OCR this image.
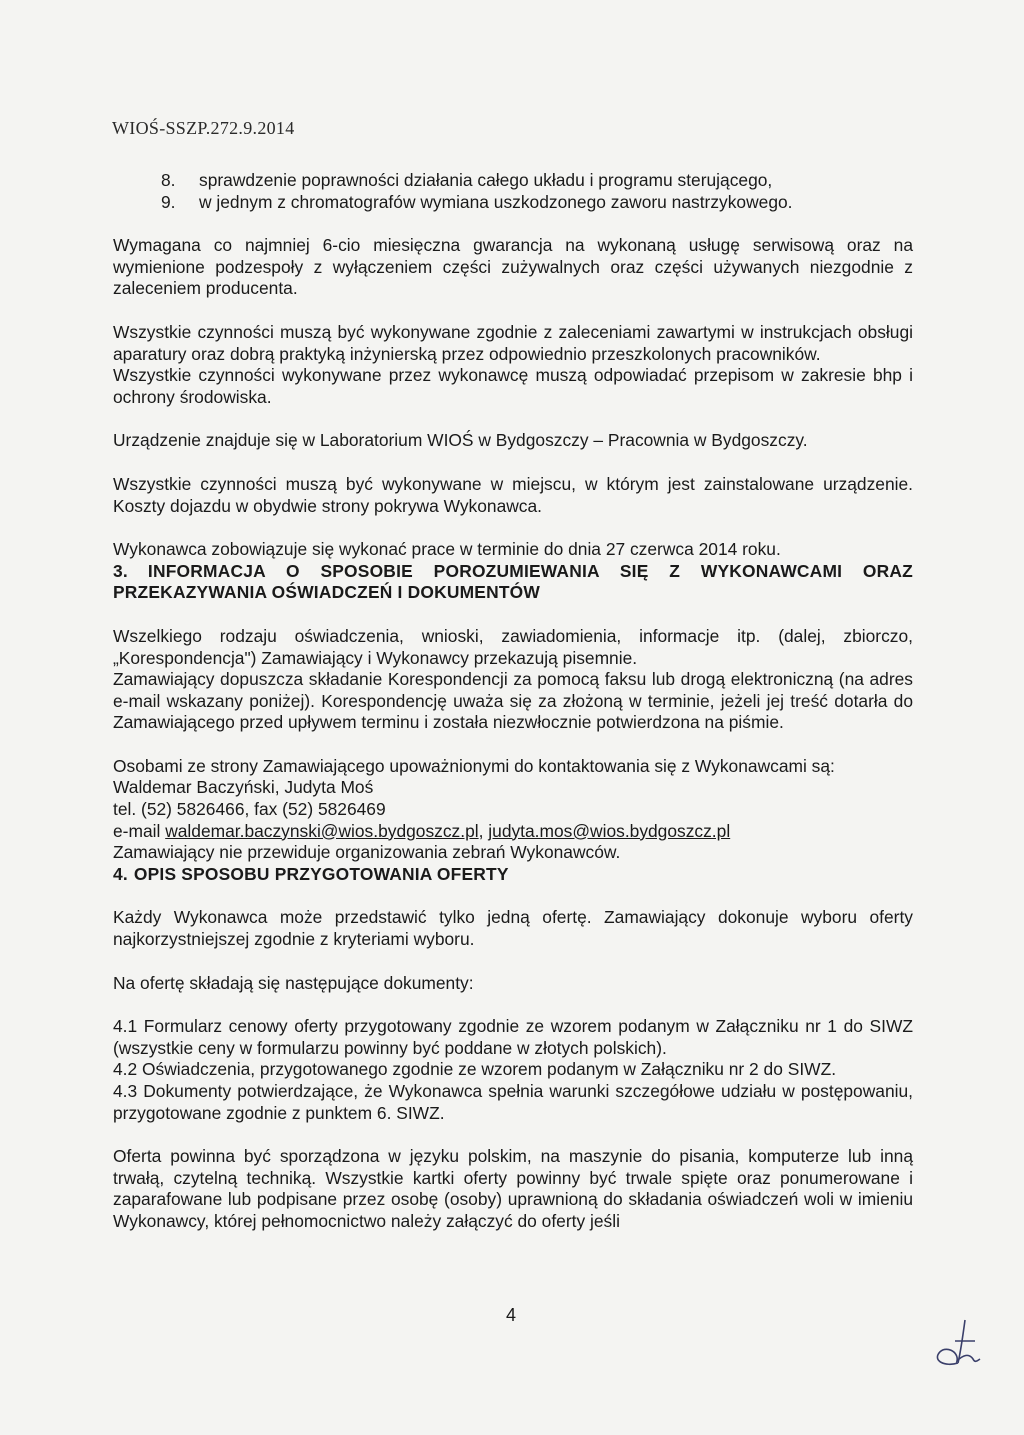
WIOŚ-SSZP.272.9.2014
8.	sprawdzenie poprawności działania całego układu i programu sterującego,
9.	w jednym z chromatografów wymiana uszkodzonego zaworu nastrzykowego.

Wymagana co najmniej 6-cio miesięczna gwarancja na wykonaną usługę serwisową oraz na wymienione podzespoły z wyłączeniem części zużywalnych oraz części używanych niezgodnie z zaleceniem producenta.

Wszystkie czynności muszą być wykonywane zgodnie z zaleceniami zawartymi w instrukcjach obsługi aparatury oraz dobrą praktyką inżynierską przez odpowiednio przeszkolonych pracowników.

Wszystkie czynności wykonywane przez wykonawcę muszą odpowiadać przepisom w zakresie bhp i ochrony środowiska.

Urządzenie znajduje się w Laboratorium WIOŚ w Bydgoszczy – Pracownia w Bydgoszczy.

Wszystkie czynności muszą być wykonywane w miejscu, w którym jest zainstalowane urządzenie. Koszty dojazdu w obydwie strony pokrywa Wykonawca.

Wykonawca zobowiązuje się wykonać prace w terminie do dnia 27 czerwca 2014 roku.

3. INFORMACJA O SPOSOBIE POROZUMIEWANIA SIĘ Z WYKONAWCAMI ORAZ PRZEKAZYWANIA OŚWIADCZEŃ I DOKUMENTÓW

Wszelkiego rodzaju oświadczenia, wnioski, zawiadomienia, informacje itp. (dalej, zbiorczo, „Korespondencja") Zamawiający i Wykonawcy przekazują pisemnie.

Zamawiający dopuszcza składanie Korespondencji za pomocą faksu lub drogą elektroniczną (na adres e-mail wskazany poniżej). Korespondencję uważa się za złożoną w terminie, jeżeli jej treść dotarła do Zamawiającego przed upływem terminu i została niezwłocznie potwierdzona na piśmie.

Osobami ze strony Zamawiającego upoważnionymi do kontaktowania się z Wykonawcami są:

Waldemar Baczyński, Judyta Moś

tel. (52) 5826466, fax (52) 5826469

e-mail waldemar.baczynski@wios.bydgoszcz.pl, judyta.mos@wios.bydgoszcz.pl

Zamawiający nie przewiduje organizowania zebrań Wykonawców.

4. OPIS SPOSOBU PRZYGOTOWANIA OFERTY

Każdy Wykonawca może przedstawić tylko jedną ofertę. Zamawiający dokonuje wyboru oferty najkorzystniejszej zgodnie z kryteriami wyboru.

Na ofertę składają się następujące dokumenty:

4.1 Formularz cenowy oferty przygotowany zgodnie ze wzorem podanym w Załączniku nr 1 do SIWZ (wszystkie ceny w formularzu powinny być poddane w złotych polskich).

4.2 Oświadczenia, przygotowanego zgodnie ze wzorem podanym w Załączniku nr 2 do SIWZ.

4.3 Dokumenty potwierdzające, że Wykonawca spełnia warunki szczegółowe udziału w postępowaniu, przygotowane zgodnie z punktem 6. SIWZ.

Oferta powinna być sporządzona w języku polskim, na maszynie do pisania, komputerze lub inną trwałą, czytelną techniką. Wszystkie kartki oferty powinny być trwale spięte oraz ponumerowane i zaparafowane lub podpisane przez osobę (osoby) uprawnioną do składania oświadczeń woli w imieniu Wykonawcy, której pełnomocnictwo należy załączyć do oferty jeśli

4
